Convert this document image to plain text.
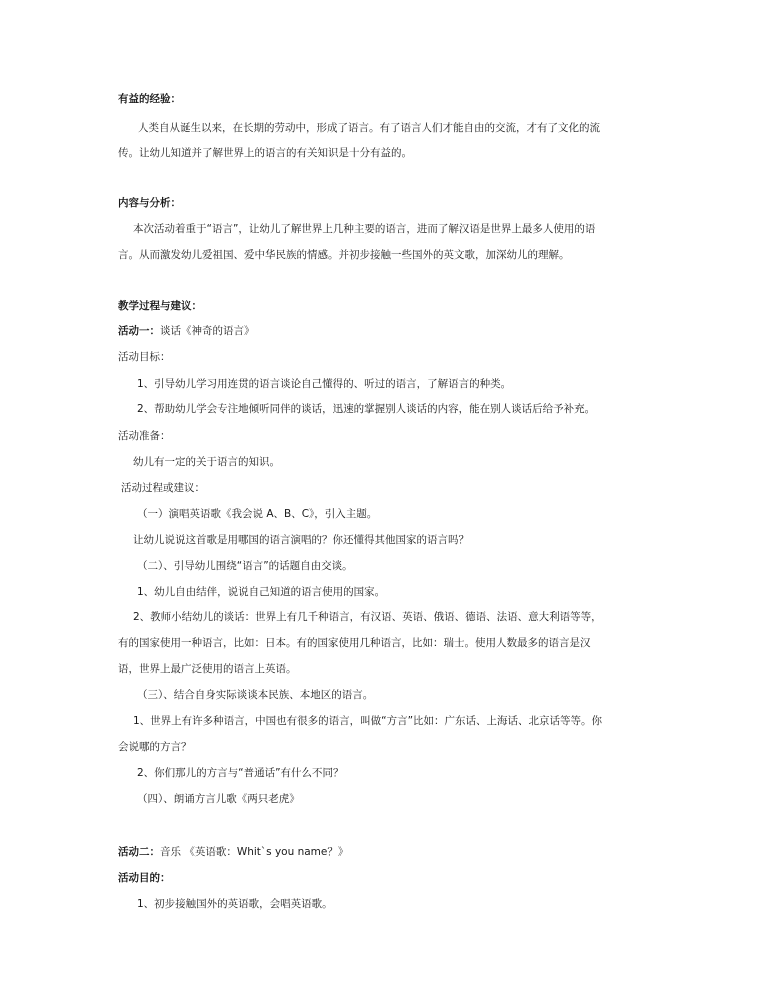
有益的经验：
人类自从诞生以来，在长期的劳动中，形成了语言。有了语言人们才能自由的交流，才有了文化的流
传。让幼儿知道并了解世界上的语言的有关知识是十分有益的。
内容与分析：
本次活动着重于“语言”，让幼儿了解世界上几种主要的语言，进而了解汉语是世界上最多人使用的语
言。从而激发幼儿爱祖国、爱中华民族的情感。并初步接触一些国外的英文歌，加深幼儿的理解。
教学过程与建议：
活动一：谈话《神奇的语言》
活动目标：
1、引导幼儿学习用连贯的语言谈论自己懂得的、听过的语言，了解语言的种类。
2、帮助幼儿学会专注地倾听同伴的谈话，迅速的掌握别人谈话的内容，能在别人谈话后给予补充。
活动准备：
幼儿有一定的关于语言的知识。
活动过程或建议：
（一）演唱英语歌《我会说 A、B、C》，引入主题。
让幼儿说说这首歌是用哪国的语言演唱的？你还懂得其他国家的语言吗？
（二）、引导幼儿围绕“语言”的话题自由交谈。
1、幼儿自由结伴，说说自己知道的语言使用的国家。
2、教师小结幼儿的谈话：世界上有几千种语言，有汉语、英语、俄语、德语、法语、意大利语等等，
有的国家使用一种语言，比如：日本。有的国家使用几种语言，比如：瑞士。使用人数最多的语言是汉
语，世界上最广泛使用的语言上英语。
（三）、结合自身实际谈谈本民族、本地区的语言。
1、世界上有许多种语言，中国也有很多的语言，叫做“方言”比如：广东话、上海话、北京话等等。你
会说哪的方言？
2、你们那儿的方言与“普通话”有什么不同？
（四）、朗诵方言儿歌《两只老虎》
活动二：音乐 《英语歌：Whit`s you name？》
活动目的：
1、初步接触国外的英语歌，会唱英语歌。
